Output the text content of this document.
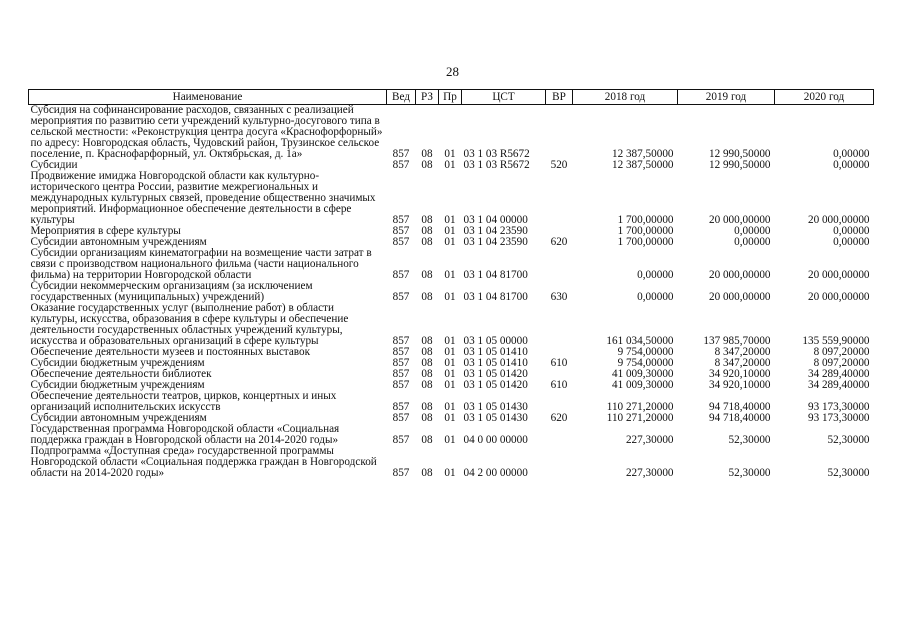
28
Наименование	Вед	РЗ	Пр	ЦСТ	ВР	2018 год	2019 год	2020 год
Субсидия на софинансирование расходов, связанных с реализацией мероприятия по развитию сети учреждений культурно-досугового типа в сельской местности: «Реконструкция центра досуга «Краснофорфорный» по адресу: Новгородская область, Чудовский район, Трузинское сельское поселение, п. Краснофарфорный, ул. Октябрьская, д. 1а»	857	08	01	03 1 03 R5672		12 387,50000	12 990,50000	0,00000
Субсидии	857	08	01	03 1 03 R5672	520	12 387,50000	12 990,50000	0,00000
Продвижение имиджа Новгородской области как культурно-исторического центра России, развитие межрегиональных и международных культурных связей, проведение общественно значимых мероприятий. Информационное обеспечение деятельности в сфере культуры	857	08	01	03 1 04 00000		1 700,00000	20 000,00000	20 000,00000
Мероприятия в сфере культуры	857	08	01	03 1 04 23590		1 700,00000	0,00000	0,00000
Субсидии автономным учреждениям	857	08	01	03 1 04 23590	620	1 700,00000	0,00000	0,00000
Субсидии организациям кинематографии на возмещение части затрат в связи с производством национального фильма (части национального фильма) на территории Новгородской области	857	08	01	03 1 04 81700		0,00000	20 000,00000	20 000,00000
Субсидии некоммерческим организациям (за исключением государственных (муниципальных) учреждений)	857	08	01	03 1 04 81700	630	0,00000	20 000,00000	20 000,00000
Оказание государственных услуг (выполнение работ) в области культуры, искусства, образования в сфере культуры и обеспечение деятельности государственных областных учреждений культуры, искусства и образовательных организаций в сфере культуры	857	08	01	03 1 05 00000		161 034,50000	137 985,70000	135 559,90000
Обеспечение деятельности музеев и постоянных выставок	857	08	01	03 1 05 01410		9 754,00000	8 347,20000	8 097,20000
Субсидии бюджетным учреждениям	857	08	01	03 1 05 01410	610	9 754,00000	8 347,20000	8 097,20000
Обеспечение деятельности библиотек	857	08	01	03 1 05 01420		41 009,30000	34 920,10000	34 289,40000
Субсидии бюджетным учреждениям	857	08	01	03 1 05 01420	610	41 009,30000	34 920,10000	34 289,40000
Обеспечение деятельности театров, цирков, концертных и иных организаций исполнительских искусств	857	08	01	03 1 05 01430		110 271,20000	94 718,40000	93 173,30000
Субсидии автономным учреждениям	857	08	01	03 1 05 01430	620	110 271,20000	94 718,40000	93 173,30000
Государственная программа Новгородской области «Социальная поддержка граждан в Новгородской области на 2014-2020 годы»	857	08	01	04 0 00 00000		227,30000	52,30000	52,30000
Подпрограмма «Доступная среда» государственной программы Новгородской области «Социальная поддержка граждан в Новгородской области на 2014-2020 годы»	857	08	01	04 2 00 00000		227,30000	52,30000	52,30000
